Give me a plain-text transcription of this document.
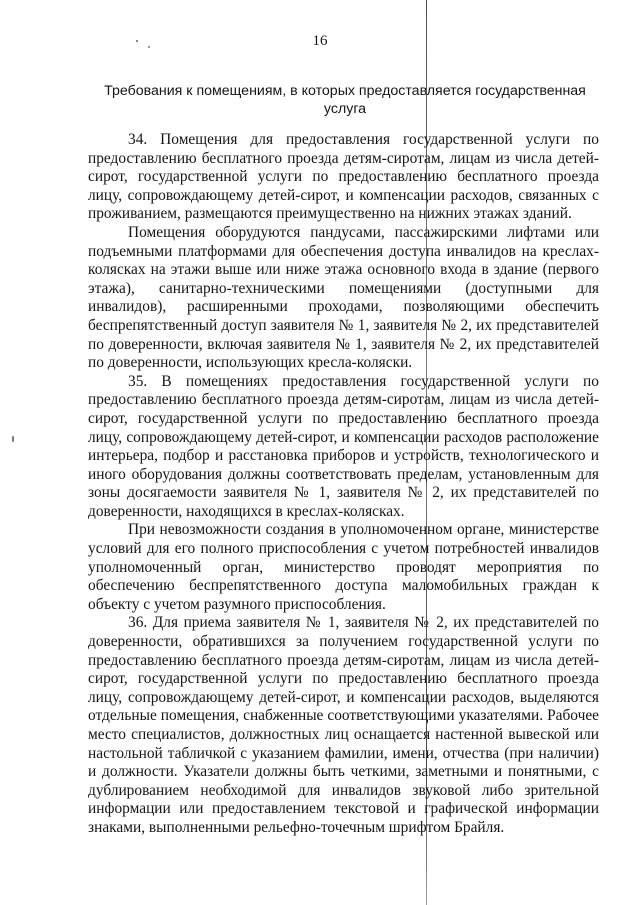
16
Требования к помещениям, в которых предоставляется государственная услуга

34. Помещения для предоставления государственной услуги по предоставлению бесплатного проезда детям-сиротам, лицам из числа детей-сирот, государственной услуги по предоставлению бесплатного проезда лицу, сопровождающему детей-сирот, и компенсации расходов, связанных с проживанием, размещаются преимущественно на нижних этажах зданий.

Помещения оборудуются пандусами, пассажирскими лифтами или подъемными платформами для обеспечения доступа инвалидов на креслах-колясках на этажи выше или ниже этажа основного входа в здание (первого этажа), санитарно-техническими помещениями (доступными для инвалидов), расширенными проходами, позволяющими обеспечить беспрепятственный доступ заявителя № 1, заявителя № 2, их представителей по доверенности, включая заявителя № 1, заявителя № 2, их представителей по доверенности, использующих кресла-коляски.

35. В помещениях предоставления государственной услуги по предоставлению бесплатного проезда детям-сиротам, лицам из числа детей-сирот, государственной услуги по предоставлению бесплатного проезда лицу, сопровождающему детей-сирот, и компенсации расходов расположение интерьера, подбор и расстановка приборов и устройств, технологического и иного оборудования должны соответствовать пределам, установленным для зоны досягаемости заявителя № 1, заявителя № 2, их представителей по доверенности, находящихся в креслах-колясках.

При невозможности создания в уполномоченном органе, министерстве условий для его полного приспособления с учетом потребностей инвалидов уполномоченный орган, министерство проводят мероприятия по обеспечению беспрепятственного доступа маломобильных граждан к объекту с учетом разумного приспособления.

36. Для приема заявителя № 1, заявителя № 2, их представителей по доверенности, обратившихся за получением государственной услуги по предоставлению бесплатного проезда детям-сиротам, лицам из числа детей-сирот, государственной услуги по предоставлению бесплатного проезда лицу, сопровождающему детей-сирот, и компенсации расходов, выделяются отдельные помещения, снабженные соответствующими указателями. Рабочее место специалистов, должностных лиц оснащается настенной вывеской или настольной табличкой с указанием фамилии, имени, отчества (при наличии) и должности. Указатели должны быть четкими, заметными и понятными, с дублированием необходимой для инвалидов звуковой либо зрительной информации или предоставлением текстовой и графической информации знаками, выполненными рельефно-точечным шрифтом Брайля.
